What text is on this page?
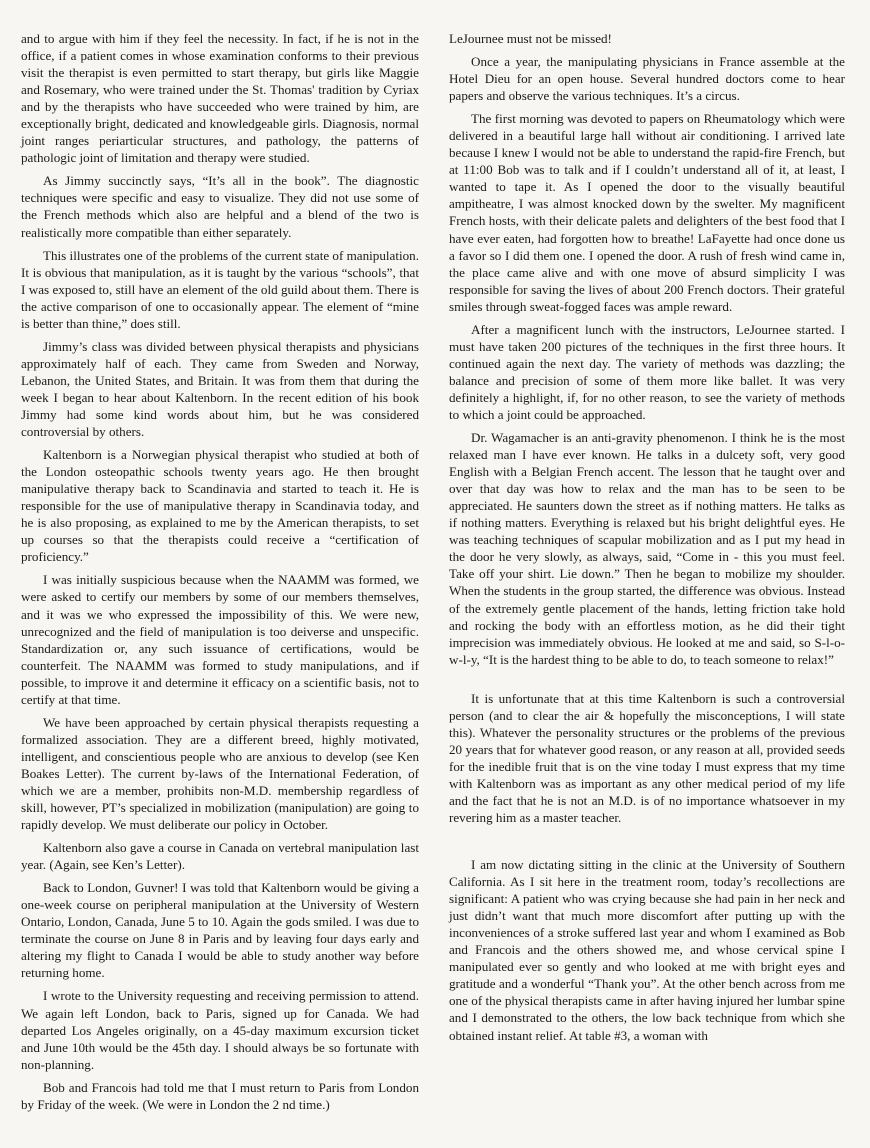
and to argue with him if they feel the necessity. In fact, if he is not in the office, if a patient comes in whose examination conforms to their previous visit the therapist is even permitted to start therapy, but girls like Maggie and Rosemary, who were trained under the St. Thomas' tradition by Cyriax and by the therapists who have succeeded who were trained by him, are exceptionally bright, dedicated and knowledgeable girls. Diagnosis, normal joint ranges periarticular structures, and pathology, the patterns of pathologic joint of limitation and therapy were studied.

As Jimmy succinctly says, “It’s all in the book”. The diagnostic techniques were specific and easy to visualize. They did not use some of the French methods which also are helpful and a blend of the two is realistically more compatible than either separately.

This illustrates one of the problems of the current state of manipulation. It is obvious that manipulation, as it is taught by the various “schools”, that I was exposed to, still have an element of the old guild about them. There is the active comparison of one to occasionally appear. The element of “mine is better than thine,” does still.

Jimmy’s class was divided between physical therapists and physicians approximately half of each. They came from Sweden and Norway, Lebanon, the United States, and Britain. It was from them that during the week I began to hear about Kaltenborn. In the recent edition of his book Jimmy had some kind words about him, but he was considered controversial by others.

Kaltenborn is a Norwegian physical therapist who studied at both of the London osteopathic schools twenty years ago. He then brought manipulative therapy back to Scandinavia and started to teach it. He is responsible for the use of manipulative therapy in Scandinavia today, and he is also proposing, as explained to me by the American therapists, to set up courses so that the therapists could receive a “certification of proficiency.”

I was initially suspicious because when the NAAMM was formed, we were asked to certify our members by some of our members themselves, and it was we who expressed the impossibility of this. We were new, unrecognized and the field of manipulation is too deiverse and unspecific. Standardization or, any such issuance of certifications, would be counterfeit. The NAAMM was formed to study manipulations, and if possible, to improve it and determine it efficacy on a scientific basis, not to certify at that time.

We have been approached by certain physical therapists requesting a formalized association. They are a different breed, highly motivated, intelligent, and conscientious people who are anxious to develop (see Ken Boakes Letter). The current by-laws of the International Federation, of which we are a member, prohibits non-M.D. membership regardless of skill, however, PT’s specialized in mobilization (manipulation) are going to rapidly develop. We must deliberate our policy in October.

Kaltenborn also gave a course in Canada on vertebral manipulation last year. (Again, see Ken’s Letter).

Back to London, Guvner! I was told that Kaltenborn would be giving a one-week course on peripheral manipulation at the University of Western Ontario, London, Canada, June 5 to 10. Again the gods smiled. I was due to terminate the course on June 8 in Paris and by leaving four days early and altering my flight to Canada I would be able to study another way before returning home.

I wrote to the University requesting and receiving permission to attend. We again left London, back to Paris, signed up for Canada. We had departed Los Angeles originally, on a 45-day maximum excursion ticket and June 10th would be the 45th day. I should always be so fortunate with non-planning.

Bob and Francois had told me that I must return to Paris from London by Friday of the week. (We were in London the 2 nd time.)

LeJournee must not be missed!

Once a year, the manipulating physicians in France assemble at the Hotel Dieu for an open house. Several hundred doctors come to hear papers and observe the various techniques. It’s a circus.

The first morning was devoted to papers on Rheumatology which were delivered in a beautiful large hall without air conditioning. I arrived late because I knew I would not be able to understand the rapid-fire French, but at 11:00 Bob was to talk and if I couldn’t understand all of it, at least, I wanted to tape it. As I opened the door to the visually beautiful ampitheatre, I was almost knocked down by the swelter. My magnificent French hosts, with their delicate palets and delighters of the best food that I have ever eaten, had forgotten how to breathe! LaFayette had once done us a favor so I did them one. I opened the door. A rush of fresh wind came in, the place came alive and with one move of absurd simplicity I was responsible for saving the lives of about 200 French doctors. Their grateful smiles through sweat-fogged faces was ample reward.

After a magnificent lunch with the instructors, LeJournee started. I must have taken 200 pictures of the techniques in the first three hours. It continued again the next day. The variety of methods was dazzling; the balance and precision of some of them more like ballet. It was very definitely a highlight, if, for no other reason, to see the variety of methods to which a joint could be approached.

Dr. Wagamacher is an anti-gravity phenomenon. I think he is the most relaxed man I have ever known. He talks in a dulcety soft, very good English with a Belgian French accent. The lesson that he taught over and over that day was how to relax and the man has to be seen to be appreciated. He saunters down the street as if nothing matters. He talks as if nothing matters. Everything is relaxed but his bright delightful eyes. He was teaching techniques of scapular mobilization and as I put my head in the door he very slowly, as always, said, “Come in - this you must feel. Take off your shirt. Lie down.” Then he began to mobilize my shoulder. When the students in the group started, the difference was obvious. Instead of the extremely gentle placement of the hands, letting friction take hold and rocking the body with an effortless motion, as he did their tight imprecision was immediately obvious. He looked at me and said, so S-l-o-w-l-y, “It is the hardest thing to be able to do, to teach someone to relax!”

It is unfortunate that at this time Kaltenborn is such a controversial person (and to clear the air & hopefully the misconceptions, I will state this). Whatever the personality structures or the problems of the previous 20 years that for whatever good reason, or any reason at all, provided seeds for the inedible fruit that is on the vine today I must express that my time with Kaltenborn was as important as any other medical period of my life and the fact that he is not an M.D. is of no importance whatsoever in my revering him as a master teacher.

I am now dictating sitting in the clinic at the University of Southern California. As I sit here in the treatment room, today’s recollections are significant: A patient who was crying because she had pain in her neck and just didn’t want that much more discomfort after putting up with the inconveniences of a stroke suffered last year and whom I examined as Bob and Francois and the others showed me, and whose cervical spine I manipulated ever so gently and who looked at me with bright eyes and gratitude and a wonderful “Thank you”. At the other bench across from me one of the physical therapists came in after having injured her lumbar spine and I demonstrated to the others, the low back technique from which she obtained instant relief. At table #3, a woman with
